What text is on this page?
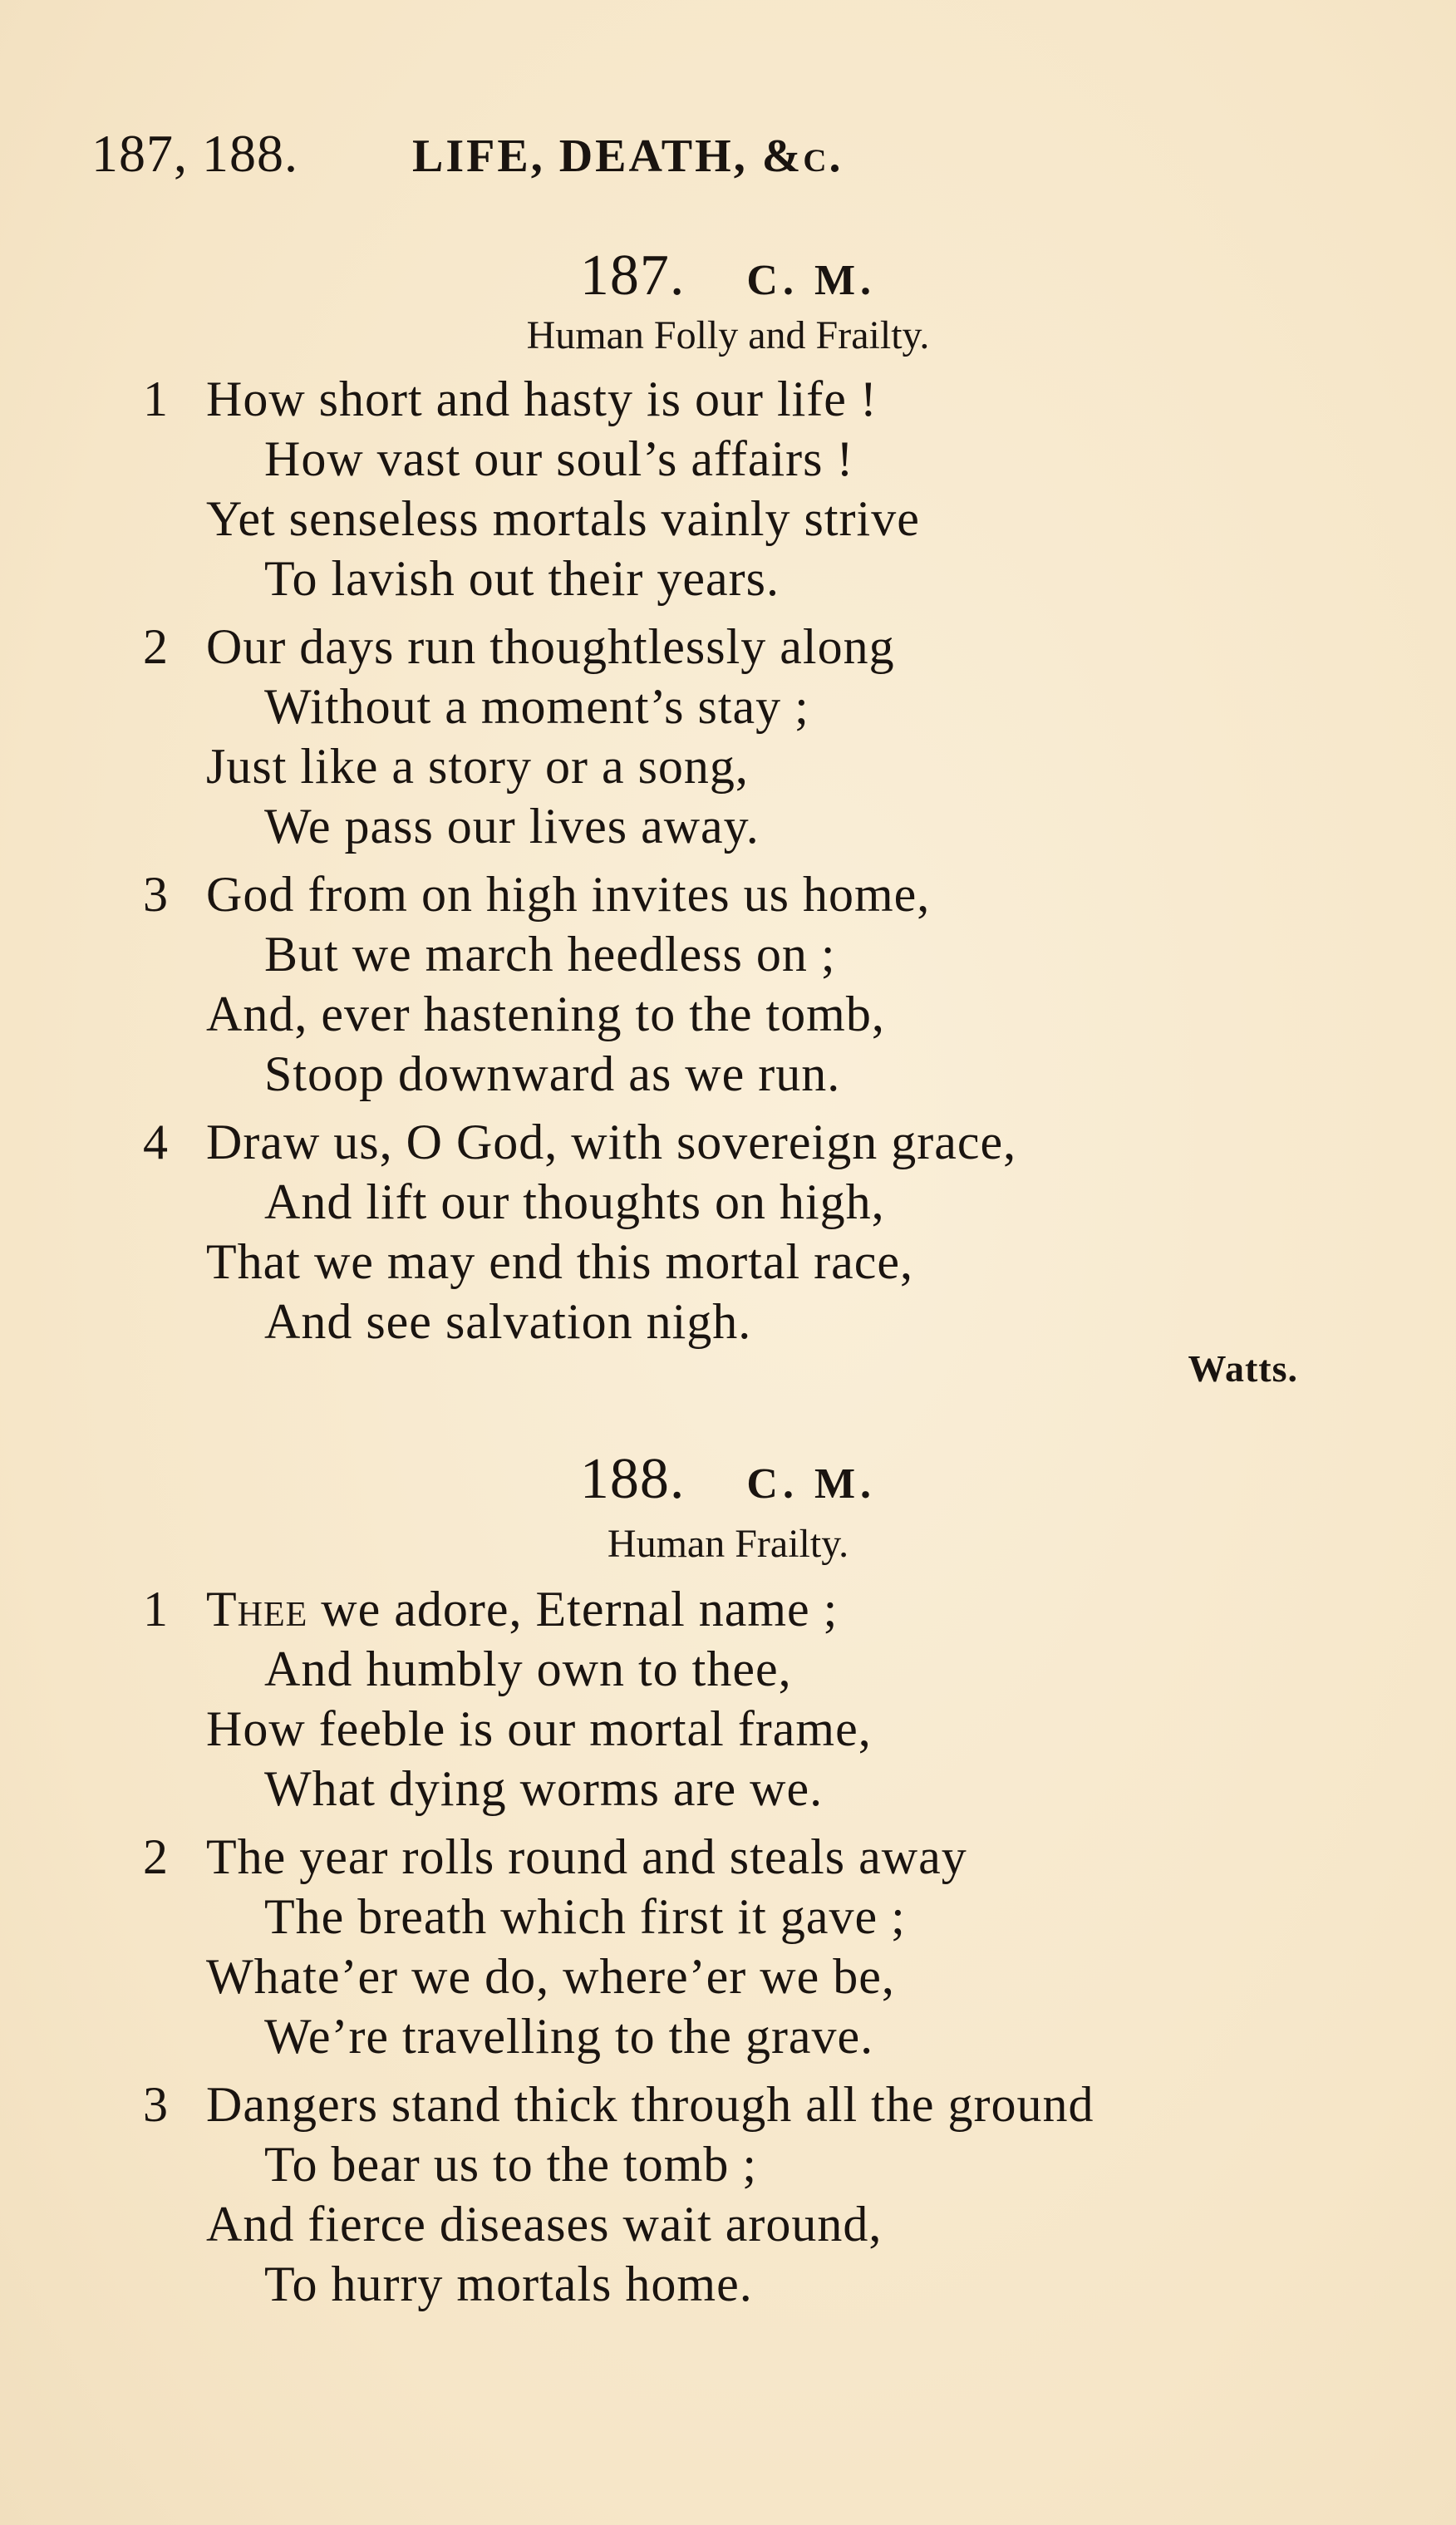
187, 188. LIFE, DEATH, &c.
187. C. M.
Human Folly and Frailty.
1 How short and hasty is our life !
How vast our soul’s affairs !
Yet senseless mortals vainly strive
To lavish out their years.
2 Our days run thoughtlessly along
Without a moment’s stay ;
Just like a story or a song,
We pass our lives away.
3 God from on high invites us home,
But we march heedless on ;
And, ever hastening to the tomb,
Stoop downward as we run.
4 Draw us, O God, with sovereign grace,
And lift our thoughts on high,
That we may end this mortal race,
And see salvation nigh.
Watts.
188. C. M.
Human Frailty.
1 Thee we adore, Eternal name ;
And humbly own to thee,
How feeble is our mortal frame,
What dying worms are we.
2 The year rolls round and steals away
The breath which first it gave ;
Whate’er we do, where’er we be,
We’re travelling to the grave.
3 Dangers stand thick through all the ground
To bear us to the tomb ;
And fierce diseases wait around,
To hurry mortals home.
